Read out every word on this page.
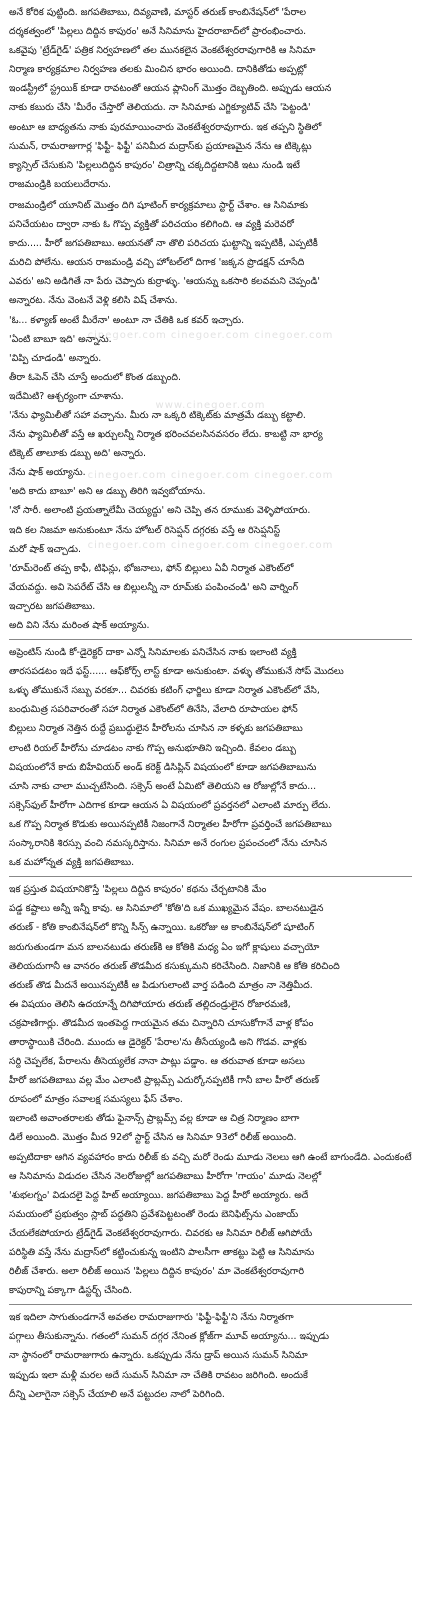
cinegoer.com cinegoer.com cinegoer.com
www.cinegoer.com
cinegoer.com cinegoer.com cinegoer.com
cinegoer.com cinegoer.com cinegoer.com

అనే కోరిక పుట్టింది. జగపతిబాబు, దివ్యవాణి, మాస్టర్ తరుణ్ కాంబినేషన్‌లో 'పేరాల
దర్శకత్వంలో 'పిల్లలు దిద్దిన కాపురం' అనే సినిమాను హైదరాబాద్‌లో ప్రారంభించారు.
ఒకవైపు 'ట్రేడ్‌గైడ్' పత్రిక నిర్వహణలో తల మునకలైన వెంకటేశ్వరరావుగారికి ఆ సినిమా
నిర్మాణ కార్యక్రమాల నిర్వహణ తలకు మించిన భారం అయింది. దానికితోడు అప్పట్లో
ఇండస్ట్రీలో స్ట్రయిక్ కూడా రావటంతో ఆయన ప్లానింగ్ మొత్తం దెబ్బతింది. అప్పుడు ఆయన
నాకు కబురు చేసి 'మీరేం చేస్తారో తెలియదు. నా సినిమాకు ఎగ్జిక్యూటివ్ చేసి 'పెట్టండి'
అంటూ ఆ బాధ్యతను నాకు పురమాయించారు వెంకటేశ్వరరావుగారు. ఇక తప్పని స్థితిలో
సుమన్, రామరాజుగార్ల 'ఫిఫ్టీ- ఫిఫ్టీ' పనిమీద మద్రాస్‌కు ప్రయాణమైన నేను ఆ టిక్కెట్లు
క్యాన్సిల్ చేసుకుని 'పిల్లలుదిద్దిన కాపురం' చిత్రాన్ని చక్కదిద్దటానికి ఇటు నుండి ఇటే
రాజమండ్రికి బయలుదేరాను.

రాజమండ్రిలో యూనిట్ మొత్తం దిగి షూటింగ్ కార్యక్రమాలు స్టార్ట్ చేశాం. ఆ సినిమాకు
పనిచేయటం ద్వారా నాకు ఓ గొప్ప వ్యక్తితో పరిచయం కలిగింది. ఆ వ్యక్తి మరెవరో
కాదు..... హీరో జగపతిబాబు. ఆయనతో నా తొలి పరిచయ ఘట్టాన్ని ఇప్పటికీ, ఎప్పటికీ
మరిచి పోలేను. ఆయన రాజమండ్రి వచ్చి హోటల్‌లో దిగాక 'జక్కన ప్రొడక్షన్ చూసేది
ఎవరు' అని అడిగితే నా పేరు చెప్పారు కుర్రాళ్ళు. 'ఆయన్ను ఒకసారి కలవమని చెప్పండి'
అన్నారట. నేను వెంటనే వెళ్లి కలిసి విష్ చేశాను.

'ఓ... కళ్యాణ్ అంటే మీరేనా' అంటూ నా చేతికి ఒక కవర్ ఇచ్చారు.

'ఏంటి బాబూ ఇది' అన్నాను.

'విప్పి చూడండి' అన్నారు.

తీరా ఓపెన్ చేసి చూస్తే అందులో కొంత డబ్బుంది.

ఇదేమిటి? ఆశ్చర్యంగా చూశాను.

'నేను ఫ్యామిలీతో సహా వచ్చాను. మీరు నా ఒక్కరి టిక్కెట్‌కు మాత్రమే డబ్బు కట్టాలి.
నేను ఫ్యామిలీతో వస్తే ఆ ఖర్చులన్నీ నిర్మాత భరించవలసినవసరం లేదు. కాబట్టి నా భార్య
టిక్కెట్ తాలూకు డబ్బు అది' అన్నారు.

నేను షాక్ అయ్యాను.

'అది కాదు బాబూ' అని ఆ డబ్బు తిరిగి ఇవ్వబోయాను.

'నో సారీ. అలాంటి ప్రయత్నాలేమీ చెయ్యద్దు' అని చెప్పి తన రూముకు వెళ్ళిపోయారు.
ఇది కల నిజమా అనుకుంటూ నేను హోటల్ రిసెప్షన్ దగ్గరకు వస్తే ఆ రిసెప్షనిస్ట్
మరో షాక్ ఇచ్చాడు.

'రూమ్‌రెంట్ తప్ప కాఫీ, టిఫిన్లు, భోజనాలు, ఫోన్ బిల్లులు ఏవీ నిర్మాత ఎకౌంట్‌లో
వేయవద్దు. అవి సెపరేట్ చేసి ఆ బిల్లులన్నీ నా రూమ్‌కు పంపించండి' అని వార్నింగ్
ఇచ్చారట జగపతిబాబు.

అది విని నేను మరింత షాక్ అయ్యాను.

అప్రెంటిస్ నుండి కో-డైరెక్టర్ దాకా ఎన్నో సినిమాలకు పనిచేసిన నాకు ఇలాంటి వ్యక్తి
తారసపడటం ఇదే ఫస్ట్...... ఆఫ్‌కోర్స్ లాస్ట్ కూడా అనుకుంటా. వళ్ళు తోముకునే సోప్ మొదలు
ఒళ్ళు తోముకునే సబ్బు వరకూ... చివరకు కటింగ్‌ ఛార్జిలు కూడా నిర్మాత ఎకౌంట్‌లో వేసి,
బంధుమిత్ర సపరివారంతో సహా నిర్మాత ఎకౌంట్‌లో తినేసి, వేలాది రూపాయల ఫోన్
బిల్లులు నిర్మాత నెత్తిన రుద్దే ప్రబుద్ధులైన హీరోలను చూసిన నా కళ్ళకు జగపతిబాబు
లాంటి రియల్ హీరోను చూడటం నాకు గొప్ప అనుభూతిని ఇచ్చింది. కేవలం డబ్బు
విషయంలోనే కాదు బిహేవియర్ అండ్ కరెక్ట్ డిసిప్లిన్ విషయంలో కూడా జగపతిబాబును
చూసి నాకు చాలా ముచ్చటేసింది. సక్సెస్ అంటే ఏమిటో తెలియని ఆ రోజుల్లోనే కాదు...
సక్సెస్‌ఫుల్ హీరోగా ఎదిగాక కూడా ఆయన ఏ విషయంలో ప్రవర్తనలో ఎలాంటి మార్పు లేదు.
ఒక గొప్ప నిర్మాత కొడుకు అయినప్పటికీ నిజంగానే నిర్మాతల హీరోగా ప్రవర్తించే జగపతిబాబు
సంస్కారానికి శిరస్సు వంచి నమస్కరిస్తాను. సినిమా అనే రంగుల ప్రపంచంలో నేను చూసిన
ఒక మహోన్నత వ్యక్తి జగపతిబాబు.

ఇక ప్రస్తుత విషయానికొస్తే 'పిల్లలు దిద్దిన కాపురం' కథను చేర్చటానికి మేం
పడ్డ కష్టాలు అన్నీ ఇన్నీ కావు. ఆ సినిమాలో 'కోతి'ది ఒక ముఖ్యమైన వేషం. బాలనటుడైన
తరుణ్ - కోతి కాంబినేషన్‌లో కొన్ని సీన్స్ ఉన్నాయి. ఒకరోజు ఆ కాంబినేషన్‌లో షూటింగ్
జరుగుతుండగా మన బాలనటుడు తరుణ్‌కి ఆ కోతికి మధ్య ఏం ఇగో క్లాషులు వచ్చాయో
తెలియదుగానీ ఆ వానరం తరుణ్ తొడమీద కసుక్కుమని కరిచేసింది. నిజానికి ఆ కోతి కరిచింది
తరుణ్ తొడ మీదనే అయినప్పటికీ ఆ పిడుగులాంటి వార్త పడింది మాత్రం నా నెత్తిమీద.
ఈ విషయం తెలిసి ఉదయాన్నే దిగిపోయారు తరుణ్ తల్లిదండ్రులైన రోజారమణి,
చక్రపాణిగార్లు. తొడమీద ఇంతపెద్ద గాయమైన తమ చిన్నారిని చూసుకోగానే వాళ్ల కోపం
తారాస్థాయికి చేరింది. ముందు ఆ డైరెక్టర్ 'పేరాల'ను తీసేయ్యండి అని గొడవ. వాళ్లకు
సర్ది చెప్పలేక, పేరాలను తీసెయ్యలేక నానా పాట్లు పడ్డాం. ఆ తరువాత కూడా అసలు
హీరో జగపతిబాబు వల్ల మేం ఎలాంటి ప్రాబ్లమ్స్ ఎదుర్కోనప్పటికీ గానీ బాల హీరో తరుణ్
రూపంలో మాత్రం సవాలక్ష సమస్యలు ఫేస్ చేశాం.

ఇలాంటి అవాంతరాలకు తోడు ఫైనాన్స్ ప్రాబ్లమ్స్ వల్ల కూడా ఆ చిత్ర నిర్మాణం బాగా
డిలే అయింది. మొత్తం మీద 92లో స్టార్ట్ చేసిన ఆ సినిమా 93లో రిలీజ్ అయింది.
అప్పటిదాకా ఆగిన వ్యవహారం కాదు రిలీజ్ కు వచ్చి మరో రెండు మూడు నెలలు ఆగి ఉంటే బాగుండేది. ఎందుకంటే
ఆ సినిమాను విడుదల చేసిన నెలరోజుల్లో జగపతిబాబు హీరోగా 'గాయం' మూడు నెలల్లో
'శుభలగ్నం' విడుదలై పెద్ద హిట్ అయ్యాయి. జగపతిబాబు పెద్ద హీరో అయ్యారు. అదే
సమయంలో ప్రభుత్వం స్లాబ్ పద్ధతిని ప్రవేశపెట్టటంతో రెండు బెనిఫిట్స్‌ను ఎంజాయ్
చేయలేకపోయారు ట్రేడ్‌గైడ్ వెంకటేశ్వరరావుగారు. చివరకు ఆ సినిమా రిలీజ్ ఆగిపోయే
పరిస్థితి వస్తే నేను మద్రాస్‌లో కట్టించుకున్న ఇంటిని పాలసీగా తాకట్టు పెట్టి ఆ సినిమాను
రిలీజ్ చేశారు. అలా రిలీజ్ అయిన 'పిల్లలు దిద్దిన కాపురం' మా వెంకటేశ్వరరావుగారి
కాపురాన్ని పక్కాగా డిస్టర్బ్ చేసింది.

ఇక ఇదిలా సాగుతుండగానే అవతల రామరాజుగారు 'ఫిఫ్టీ-ఫిఫ్టీ'ని నేను నిర్మాతగా
పగ్గాలు తీసుకున్నాను. గతంలో సుమన్ దగ్గర నేనింత క్లోజ్‌గా మూవ్ అయ్యాను... ఇప్పుడు
నా స్థానంలో రామరాజుగారు ఉన్నారు. ఒకప్పుడు నేను డ్రాప్ అయిన సుమన్ సినిమా
ఇప్పుడు ఇలా మళ్లీ మరల అదే సుమన్ సినిమా నా చేతికి రావటం జరిగింది. అందుకే
దీన్ని ఎలాగైనా సక్సెస్ చేయాలి అనే పట్టుదల నాలో పెరిగింది.
